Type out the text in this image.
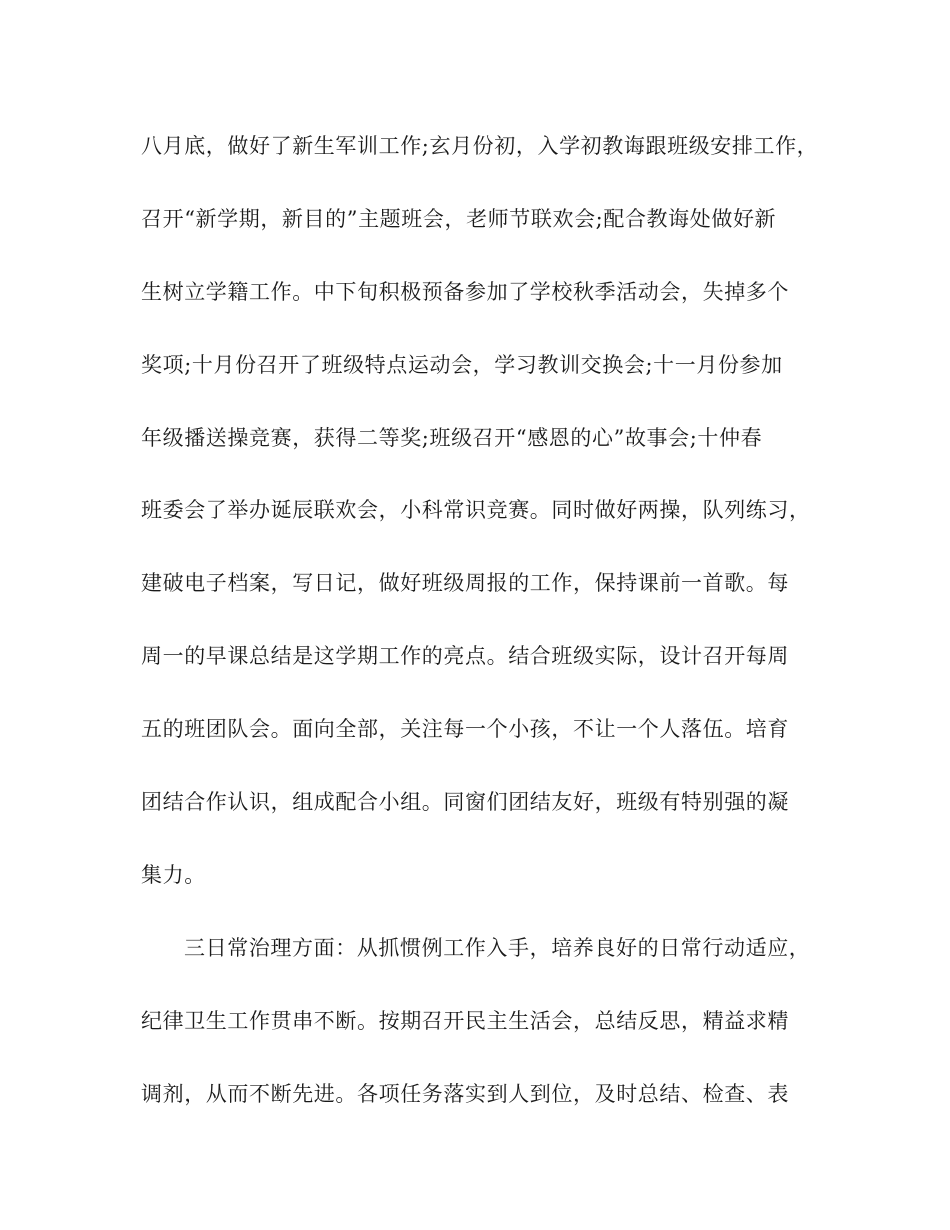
八月底，做好了新生军训工作;玄月份初，入学初教诲跟班级安排工作，
召开“新学期，新目的”主题班会，老师节联欢会;配合教诲处做好新
生树立学籍工作。中下旬积极预备参加了学校秋季活动会，失掉多个
奖项;十月份召开了班级特点运动会，学习教训交换会;十一月份参加
年级播送操竞赛，获得二等奖;班级召开“感恩的心”故事会;十仲春
班委会了举办诞辰联欢会，小科常识竞赛。同时做好两操，队列练习，
建破电子档案，写日记，做好班级周报的工作，保持课前一首歌。每
周一的早课总结是这学期工作的亮点。结合班级实际，设计召开每周
五的班团队会。面向全部，关注每一个小孩，不让一个人落伍。培育
团结合作认识，组成配合小组。同窗们团结友好，班级有特别强的凝
集力。
三日常治理方面：从抓惯例工作入手，培养良好的日常行动适应，
纪律卫生工作贯串不断。按期召开民主生活会，总结反思，精益求精
调剂，从而不断先进。各项任务落实到人到位，及时总结、检查、表
